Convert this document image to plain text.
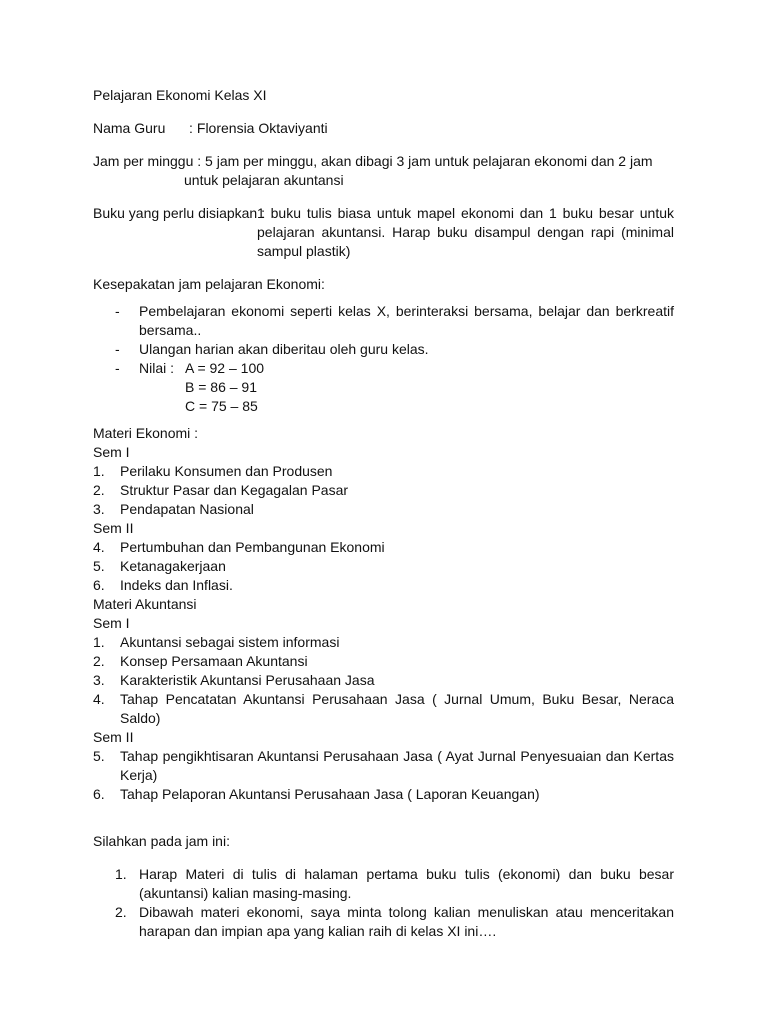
Pelajaran Ekonomi Kelas XI

Nama Guru	: Florensia Oktaviyanti

Jam per minggu : 5 jam per minggu, akan dibagi 3 jam untuk pelajaran ekonomi dan 2 jam

untuk pelajaran akuntansi

Buku yang perlu disiapkan :
1 buku tulis biasa untuk mapel ekonomi dan 1 buku besar untuk pelajaran akuntansi. Harap buku disampul dengan rapi (minimal sampul plastik)

Kesepakatan jam pelajaran Ekonomi:

-	Pembelajaran ekonomi seperti kelas X, berinteraksi bersama, belajar dan berkreatif bersama..
-	Ulangan harian akan diberitau oleh guru kelas.
-	Nilai : A = 92 – 100
B = 86 – 91
C = 75 – 85

Materi Ekonomi :

Sem I

1.	Perilaku Konsumen dan Produsen
2.	Struktur Pasar dan Kegagalan Pasar
3.	Pendapatan Nasional

Sem II

4.	Pertumbuhan dan Pembangunan Ekonomi
5.	Ketanagakerjaan
6.	Indeks dan Inflasi.

Materi Akuntansi

Sem I

1.	Akuntansi sebagai sistem informasi
2.	Konsep Persamaan Akuntansi
3.	Karakteristik Akuntansi Perusahaan Jasa
4.	Tahap Pencatatan Akuntansi Perusahaan Jasa ( Jurnal Umum, Buku Besar, Neraca Saldo)

Sem II

5.	Tahap pengikhtisaran Akuntansi Perusahaan Jasa ( Ayat Jurnal Penyesuaian dan Kertas Kerja)
6.	Tahap Pelaporan Akuntansi Perusahaan Jasa ( Laporan Keuangan)

Silahkan pada jam ini:

1. Harap Materi di tulis di halaman pertama buku tulis (ekonomi) dan buku besar (akuntansi) kalian masing-masing.
2. Dibawah materi ekonomi, saya minta tolong kalian menuliskan atau menceritakan harapan dan impian apa yang kalian raih di kelas XI ini….
